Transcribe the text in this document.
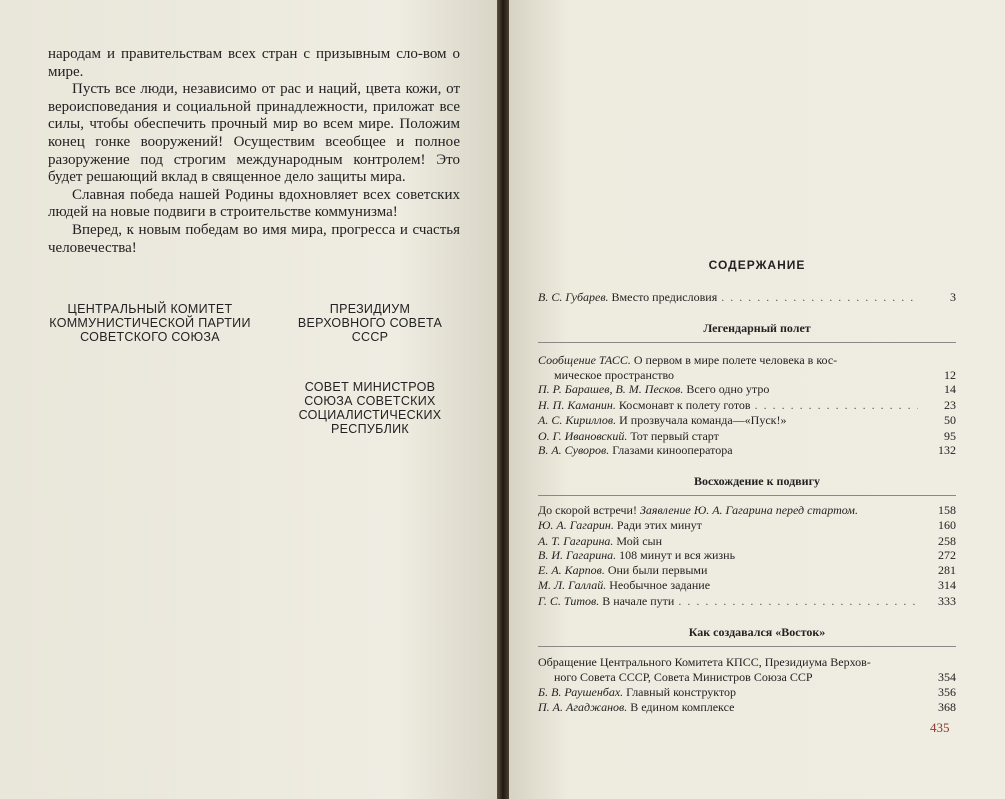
народам и правительствам всех стран с призывным сло-вом о мире.

Пусть все люди, независимо от рас и наций, цвета кожи, от вероисповедания и социальной принадлежности, приложат все силы, чтобы обеспечить прочный мир во всем мире. Положим конец гонке вооружений! Осуществим всеобщее и полное разоружение под строгим международным контролем! Это будет решающий вклад в священное дело защиты мира.

Славная победа нашей Родины вдохновляет всех советских людей на новые подвиги в строительстве коммунизма!

Вперед, к новым победам во имя мира, прогресса и счастья человечества!

ЦЕНТРАЛЬНЫЙ КОМИТЕТ
КОММУНИСТИЧЕСКОЙ ПАРТИИ
СОВЕТСКОГО СОЮЗА
ПРЕЗИДИУМ
ВЕРХОВНОГО СОВЕТА
СССР
СОВЕТ МИНИСТРОВ
СОЮЗА СОВЕТСКИХ
СОЦИАЛИСТИЧЕСКИХ
РЕСПУБЛИК
СОДЕРЖАНИЕ
В. С. Губарев. Вместо предисловия . . .	3
Легендарный полет
Сообщение ТАСС. О первом в мире полете человека в кос-
мическое пространство	12
П. Р. Барашев, В. М. Песков. Всего одно утро	14
Н. П. Каманин. Космонавт к полету готов . . .	23
А. С. Кириллов. И прозвучала команда—«Пуск!»	50
О. Г. Ивановский. Тот первый старт	95
В. А. Суворов. Глазами кинооператора	132
Восхождение к подвигу
До скорой встречи! Заявление Ю. А. Гагарина перед стартом.	158
Ю. А. Гагарин. Ради этих минут	160
А. Т. Гагарина. Мой сын	258
В. И. Гагарина. 108 минут и вся жизнь	272
Е. А. Карпов. Они были первыми	281
М. Л. Галлай. Необычное задание	314
Г. С. Титов. В начале пути . . .	333
Как создавался «Восток»
Обращение Центрального Комитета КПСС, Президиума Верхов-
ного Совета СССР, Совета Министров Союза ССР	354
Б. В. Раушенбах. Главный конструктор	356
П. А. Агаджанов. В едином комплексе	368
435
